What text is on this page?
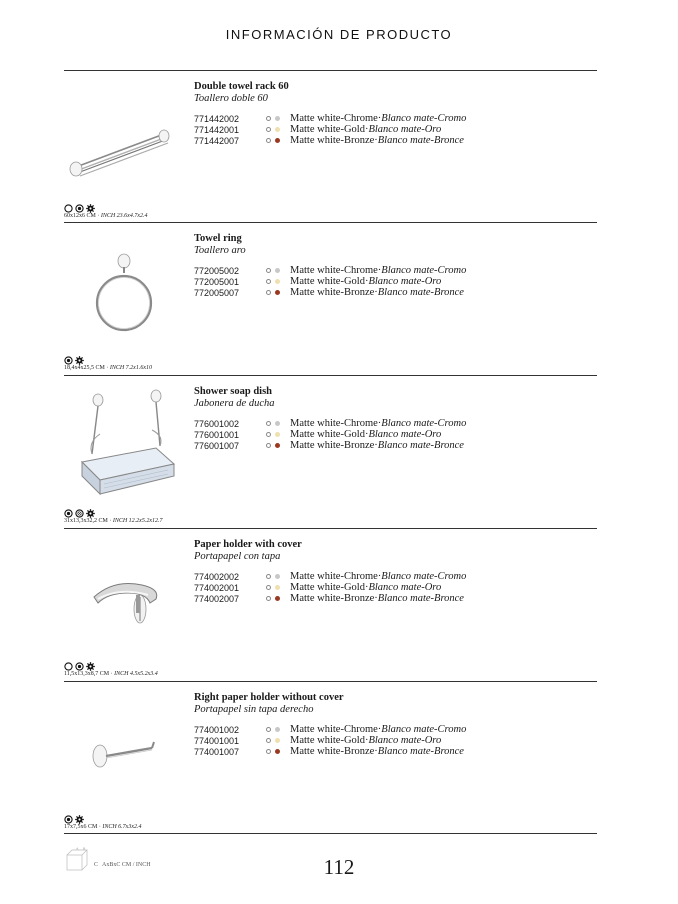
INFORMACIÓN DE PRODUCTO
Double towel rack 60
Toallero doble 60
771442002	Matte white-Chrome · Blanco mate-Cromo
771442001	Matte white-Gold · Blanco mate-Oro
771442007	Matte white-Bronze · Blanco mate-Bronce
60x12x6 CM · INCH 23.6x4.7x2.4
Towel ring
Toallero aro
772005002	Matte white-Chrome · Blanco mate-Cromo
772005001	Matte white-Gold · Blanco mate-Oro
772005007	Matte white-Bronze · Blanco mate-Bronce
18,4x4x25,5 CM · INCH 7.2x1.6x10
Shower soap dish
Jabonera de ducha
776001002	Matte white-Chrome · Blanco mate-Cromo
776001001	Matte white-Gold · Blanco mate-Oro
776001007	Matte white-Bronze · Blanco mate-Bronce
31x13,3x32,2 CM · INCH 12.2x5.2x12.7
Paper holder with cover
Portapapel con tapa
774002002	Matte white-Chrome · Blanco mate-Cromo
774002001	Matte white-Gold · Blanco mate-Oro
774002007	Matte white-Bronze · Blanco mate-Bronce
11,5x13,3x8,7 CM · INCH 4.5x5.2x3.4
Right paper holder without cover
Portapapel sin tapa derecho
774001002	Matte white-Chrome · Blanco mate-Cromo
774001001	Matte white-Gold · Blanco mate-Oro
774001007	Matte white-Bronze · Blanco mate-Bronce
17x7,5x6 CM · INCH 6.7x3x2.4
A B
C AxBxC CM / INCH	112
